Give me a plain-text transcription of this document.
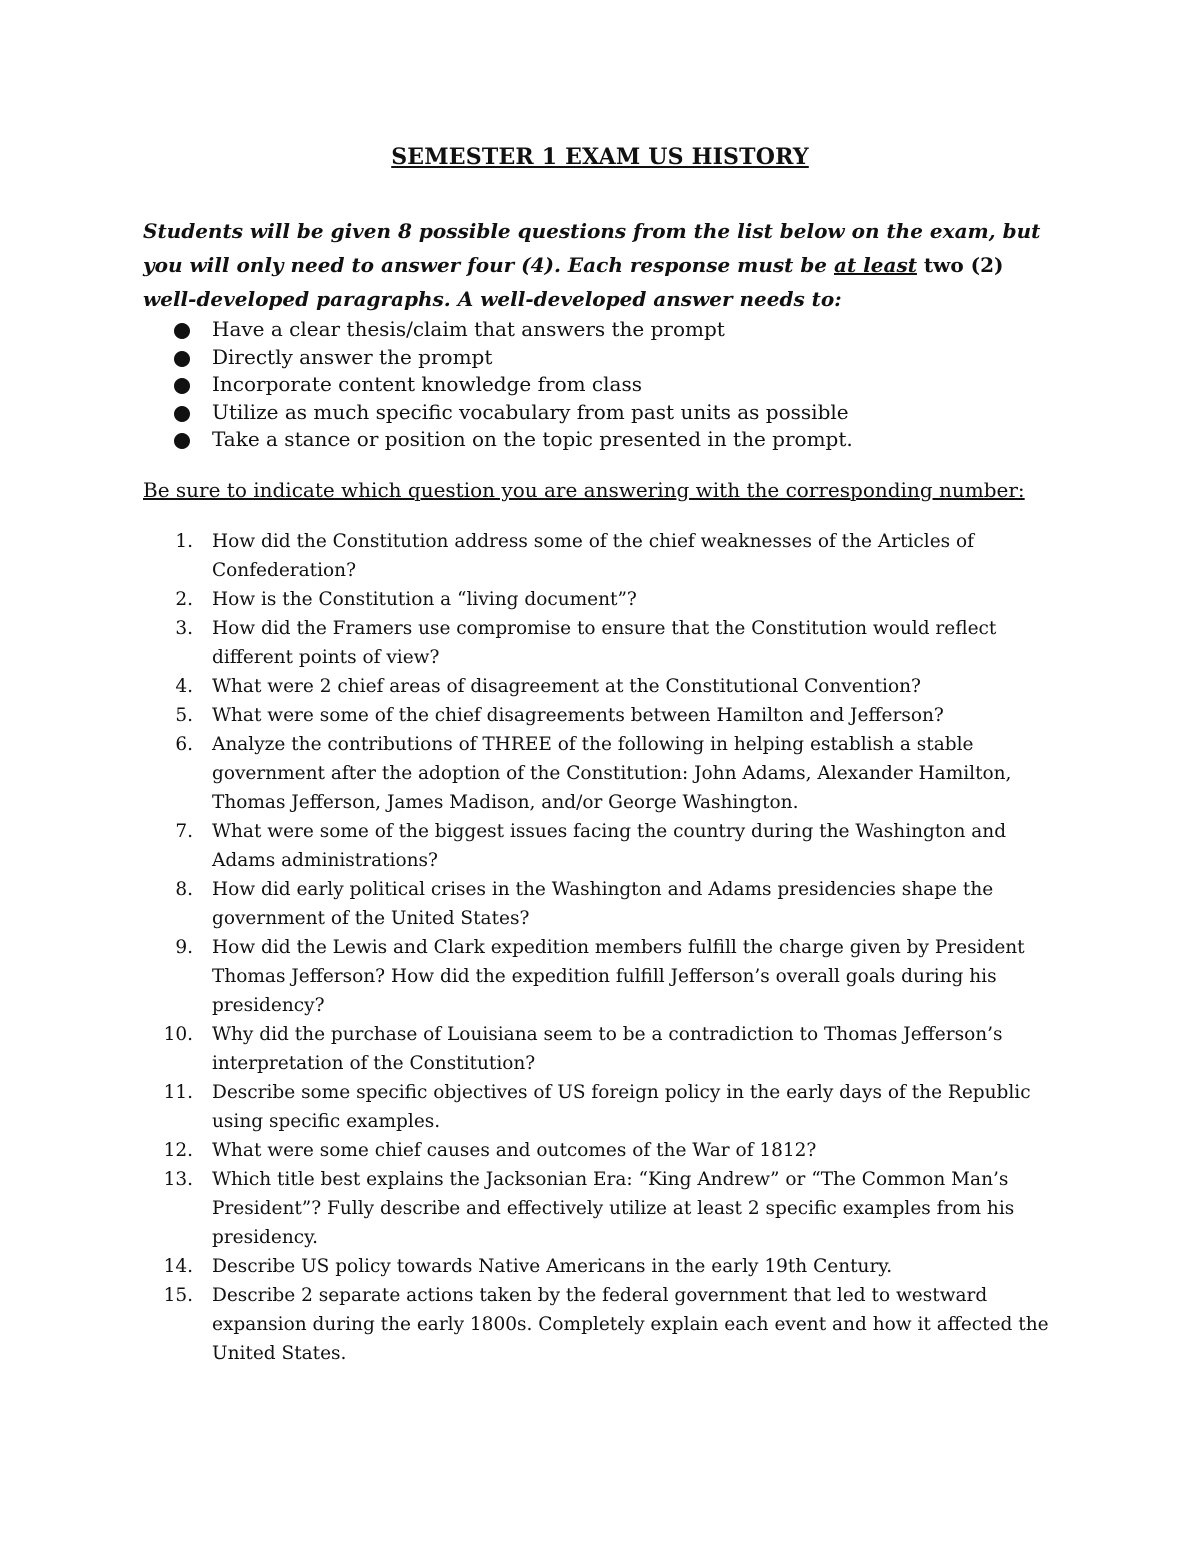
SEMESTER 1 EXAM US HISTORY
Students will be given 8 possible questions from the list below on the exam, but you will only need to answer four (4). Each response must be at least two (2) well-developed paragraphs. A well-developed answer needs to:
Have a clear thesis/claim that answers the prompt
Directly answer the prompt
Incorporate content knowledge from class
Utilize as much specific vocabulary from past units as possible
Take a stance or position on the topic presented in the prompt.
Be sure to indicate which question you are answering with the corresponding number:
1. How did the Constitution address some of the chief weaknesses of the Articles of Confederation?
2. How is the Constitution a “living document”?
3. How did the Framers use compromise to ensure that the Constitution would reflect different points of view?
4. What were 2 chief areas of disagreement at the Constitutional Convention?
5. What were some of the chief disagreements between Hamilton and Jefferson?
6. Analyze the contributions of THREE of the following in helping establish a stable government after the adoption of the Constitution: John Adams, Alexander Hamilton, Thomas Jefferson, James Madison, and/or George Washington.
7. What were some of the biggest issues facing the country during the Washington and Adams administrations?
8. How did early political crises in the Washington and Adams presidencies shape the government of the United States?
9. How did the Lewis and Clark expedition members fulfill the charge given by President Thomas Jefferson? How did the expedition fulfill Jefferson’s overall goals during his presidency?
10. Why did the purchase of Louisiana seem to be a contradiction to Thomas Jefferson’s interpretation of the Constitution?
11. Describe some specific objectives of US foreign policy in the early days of the Republic using specific examples.
12. What were some chief causes and outcomes of the War of 1812?
13. Which title best explains the Jacksonian Era: “King Andrew” or “The Common Man’s President”? Fully describe and effectively utilize at least 2 specific examples from his presidency.
14. Describe US policy towards Native Americans in the early 19th Century.
15. Describe 2 separate actions taken by the federal government that led to westward expansion during the early 1800s. Completely explain each event and how it affected the United States.
